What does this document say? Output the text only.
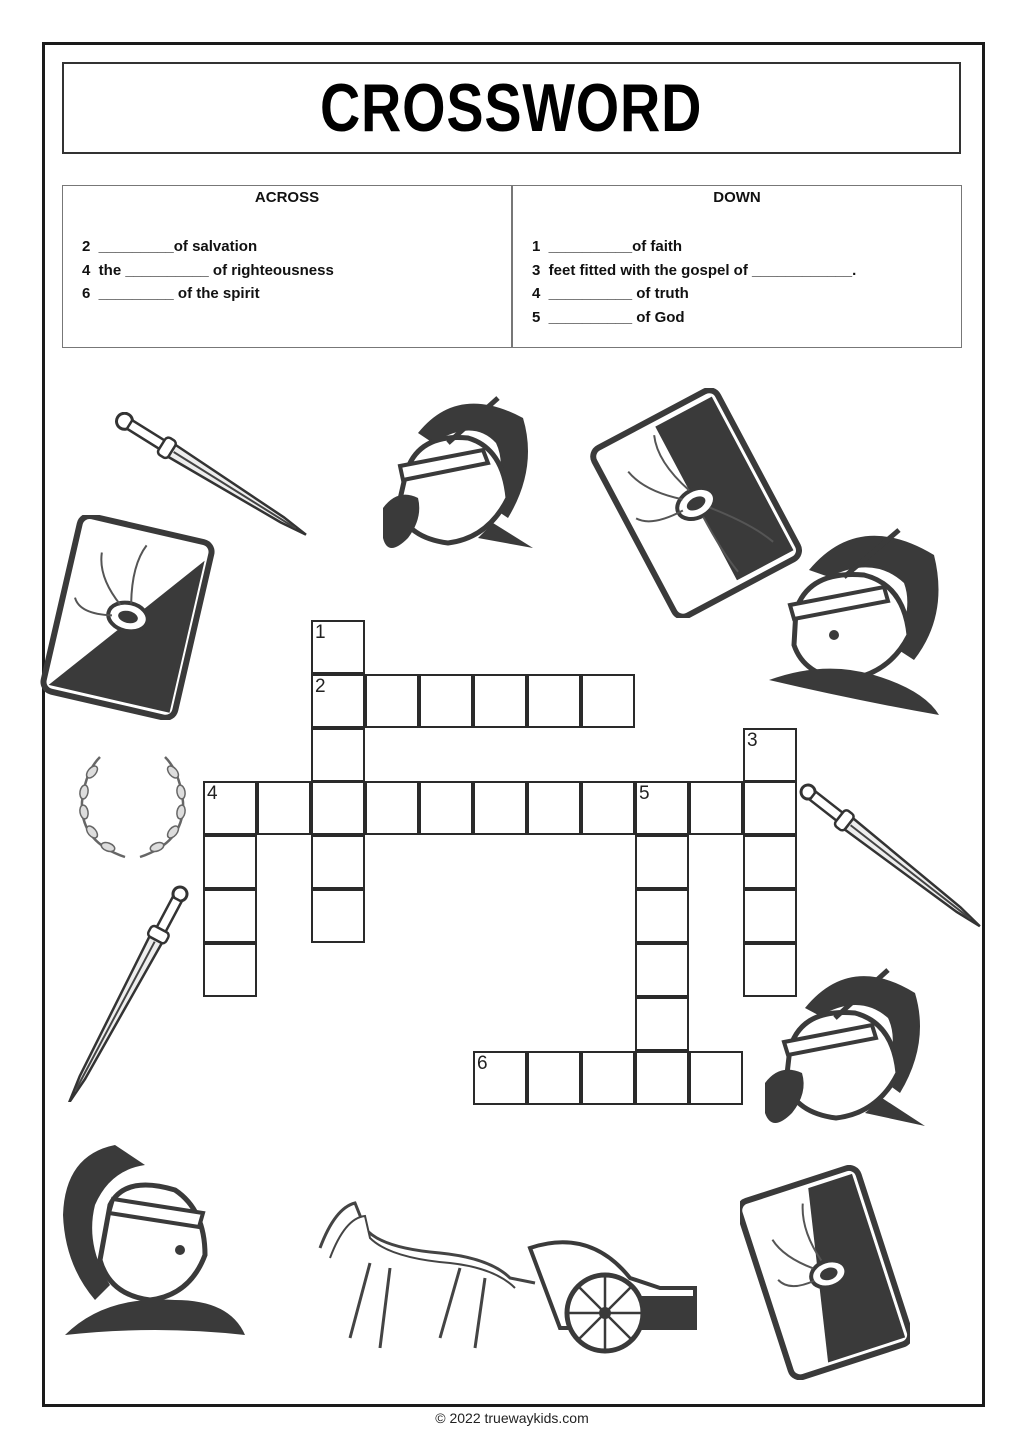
CROSSWORD
ACROSS
2  _________of salvation
4  the __________ of righteousness
6  _________ of the spirit
DOWN
1  __________of faith
3  feet fitted with the gospel of ____________.
4  __________ of truth
5  __________ of God
1
2
3
4	5
6
© 2022 truewaykids.com
